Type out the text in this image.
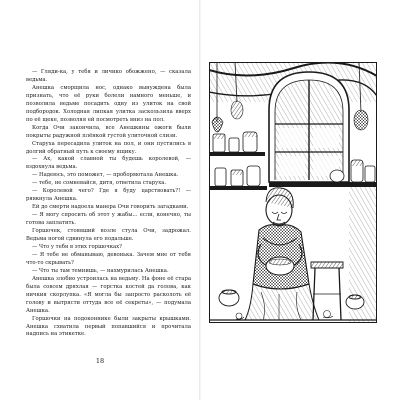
— Гляди-ка, у тебя и личико обожжено, — сказала ведьма.

Анешка сморщила нос, однако вынуждена была признать, что её руки болели намного меньше, и позволила ведьме посадить одну из улиток на свой подбородок. Холодная липкая улитка заскользила вверх по её щеке, позволяя ей посмотреть вниз на пол.

Когда Очи закончила, все Анешкины ожоги были покрыты радужной плёнкой густой улиточной слизи.

Старуха пересадила улиток на пол, и они пустились в долгий обратный путь к своему ящику.

— Ах, какой славной ты будешь королевой, — вздохнула ведьма.

— Надеюсь, это поможет, — пробормотала Анешка.

— тебе, не сомневайся, дитя, ответила старуха.

— Королевой чего? Где я буду царствовать?! — рявкнула Анешка.

Ей до смерти надоела манера Очи говорить загадками.

— Я могу спросить об этот у жабы... если, конечно, ты готова заплатить.

Горшочек, стоявший возле стула Очи, задрожал. Ведьма ногой сдвинула его подальше.

— Что у тебя в этих горшочках?

— Я тебе не обманываю, девонька. Зачем мне от тебя что-то скрывать?

— Что ты там темнишь, — нахмурилась Анешка.

Анешка злобно устроилась на ведьму. На фоне её стара была совсем дряхлая — горстка костей да голова, как ничкия скорлупка. «Я могла бы запросто расколоть её голову и вытрясти оттуда все её секреты», — подумала Анешка.

Горшочки на подоконнике были закрыты крышками. Анешка схватила первый попавшийся и прочитала надпись на этикетке.

18
